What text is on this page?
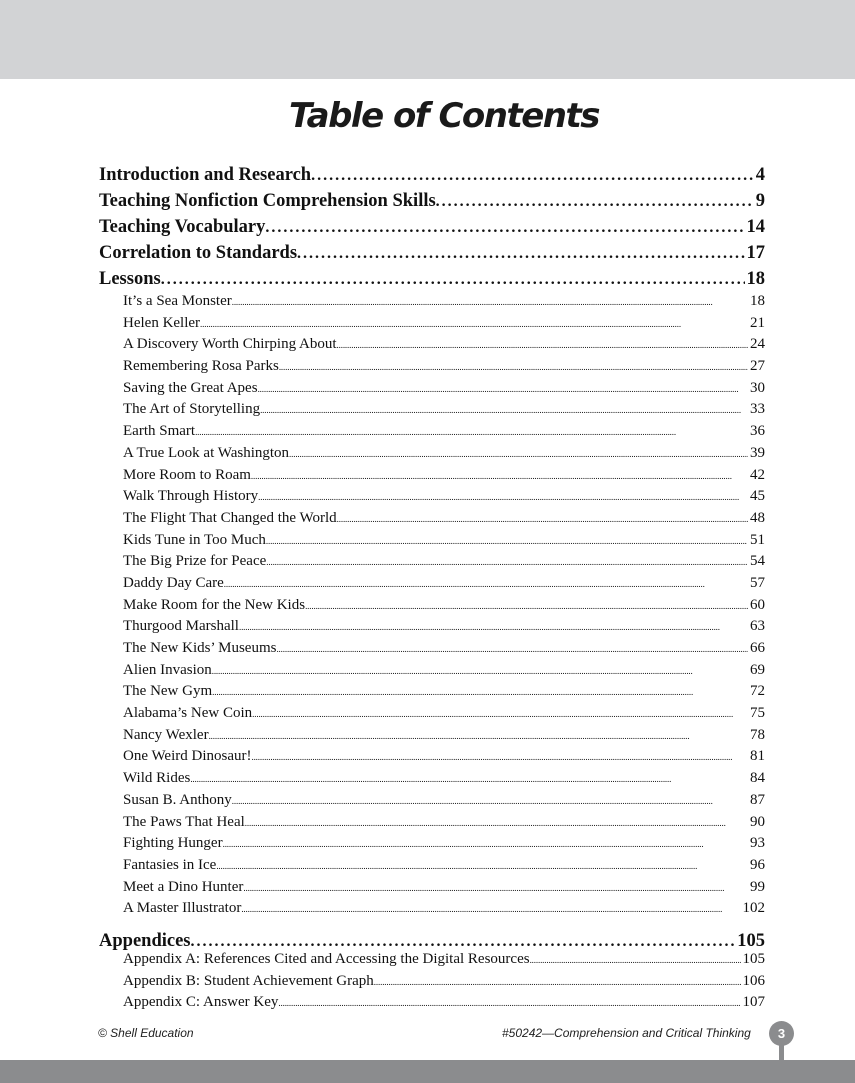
Table of Contents
Introduction and Research . . .	4
Teaching Nonfiction Comprehension Skills . . .	9
Teaching Vocabulary . . .	14
Correlation to Standards . . .	17
Lessons . . .	18
It’s a Sea Monster . . .	18
Helen Keller . . .	21
A Discovery Worth Chirping About . . .	24
Remembering Rosa Parks . . .	27
Saving the Great Apes . . .	30
The Art of Storytelling . . .	33
Earth Smart . . .	36
A True Look at Washington . . .	39
More Room to Roam . . .	42
Walk Through History . . .	45
The Flight That Changed the World . . .	48
Kids Tune in Too Much . . .	51
The Big Prize for Peace . . .	54
Daddy Day Care . . .	57
Make Room for the New Kids . . .	60
Thurgood Marshall . . .	63
The New Kids’ Museums . . .	66
Alien Invasion . . .	69
The New Gym . . .	72
Alabama’s New Coin . . .	75
Nancy Wexler . . .	78
One Weird Dinosaur! . . .	81
Wild Rides . . .	84
Susan B. Anthony . . .	87
The Paws That Heal . . .	90
Fighting Hunger . . .	93
Fantasies in Ice . . .	96
Meet a Dino Hunter . . .	99
A Master Illustrator . . .	102
Appendices . . .	105
Appendix A: References Cited and Accessing the Digital Resources . . .	105
Appendix B: Student Achievement Graph . . .	106
Appendix C: Answer Key . . .	107
© Shell Education	#50242—Comprehension and Critical Thinking	3
